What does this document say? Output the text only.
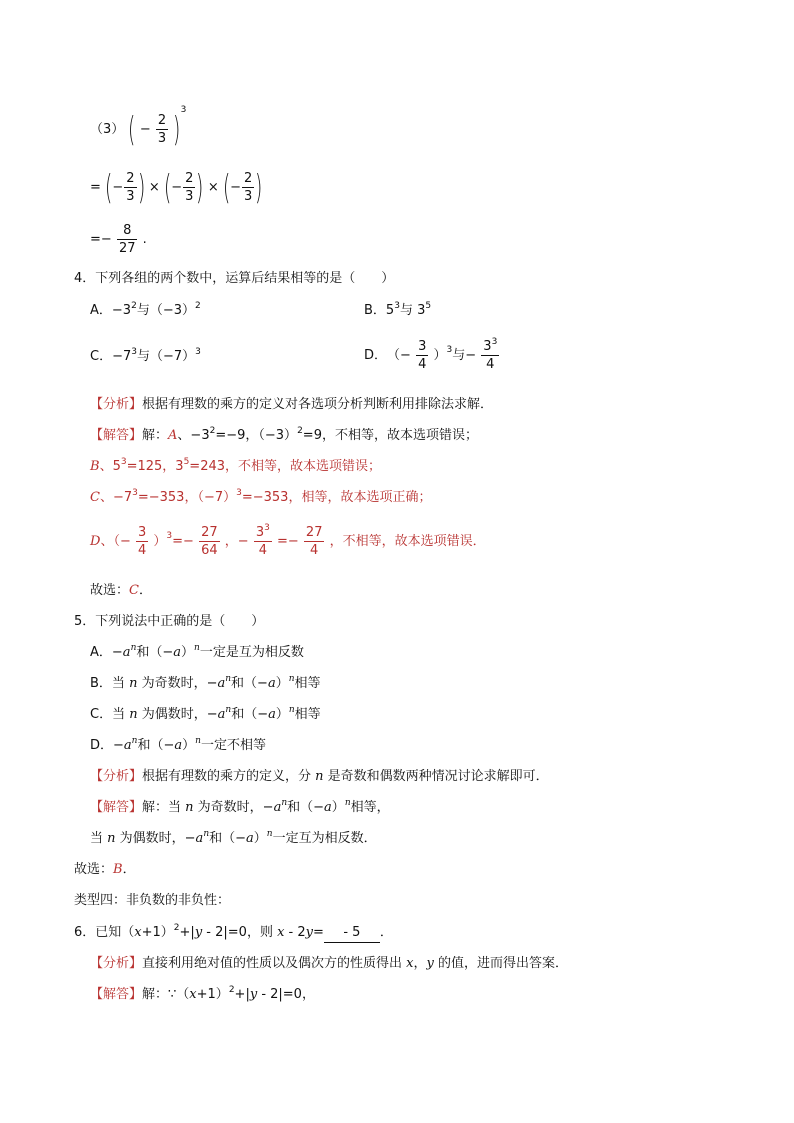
（3） ( − $\frac{2}{3} )^3$
= (− $\frac{2}{3}$ ) × (− $\frac{2}{3}$ ) × (− $\frac{2}{3}$ )
=− $\frac{8}{27}$ .
4．下列各组的两个数中，运算后结果相等的是（　　）
A．$-3^2$与$(-3)^2$	B．$5^3$与 $3^5$
C．$-7^3$与$(-7)^3$	D．（− $\frac{3}{4} )^3$与− $\frac{3^3}{4}$
【分析】根据有理数的乘方的定义对各选项分析判断利用排除法求解．
【解答】解：A、$-3^2=-9$，$(-3)^2=9$，不相等，故本选项错误；
B、$5^3=125$，$3^5=243$，不相等，故本选项错误；
C、$-7^3=-353$，$(-7)^3=-353$，相等，故本选项正确；
D、（− $\frac{3}{4} )^3=- \frac{27}{64}$ ，− $\frac{3^3}{4} =- \frac{27}{4}$ ，不相等，故本选项错误．
故选：C．
5．下列说法中正确的是（　　）
A．$-a^n$和$(-a)^n$一定是互为相反数
B．当 n 为奇数时，$-a^n$和$(-a)^n$相等
C．当 n 为偶数时，$-a^n$和$(-a)^n$相等
D．$-a^n$和$(-a)^n$一定不相等
【分析】根据有理数的乘方的定义，分 n 是奇数和偶数两种情况讨论求解即可．
【解答】解：当 n 为奇数时，$-a^n$和$(-a)^n$相等，
当 n 为偶数时，$-a^n$和$(-a)^n$一定互为相反数．
故选：B．
类型四：非负数的非负性：
6．已知$(x+1)^2+|y - 2|=0$，则 x - 2y=- 5．
【分析】直接利用绝对值的性质以及偶次方的性质得出 x，y 的值，进而得出答案．
【解答】解：$\because(x+1)^2+|y - 2|=0$，
